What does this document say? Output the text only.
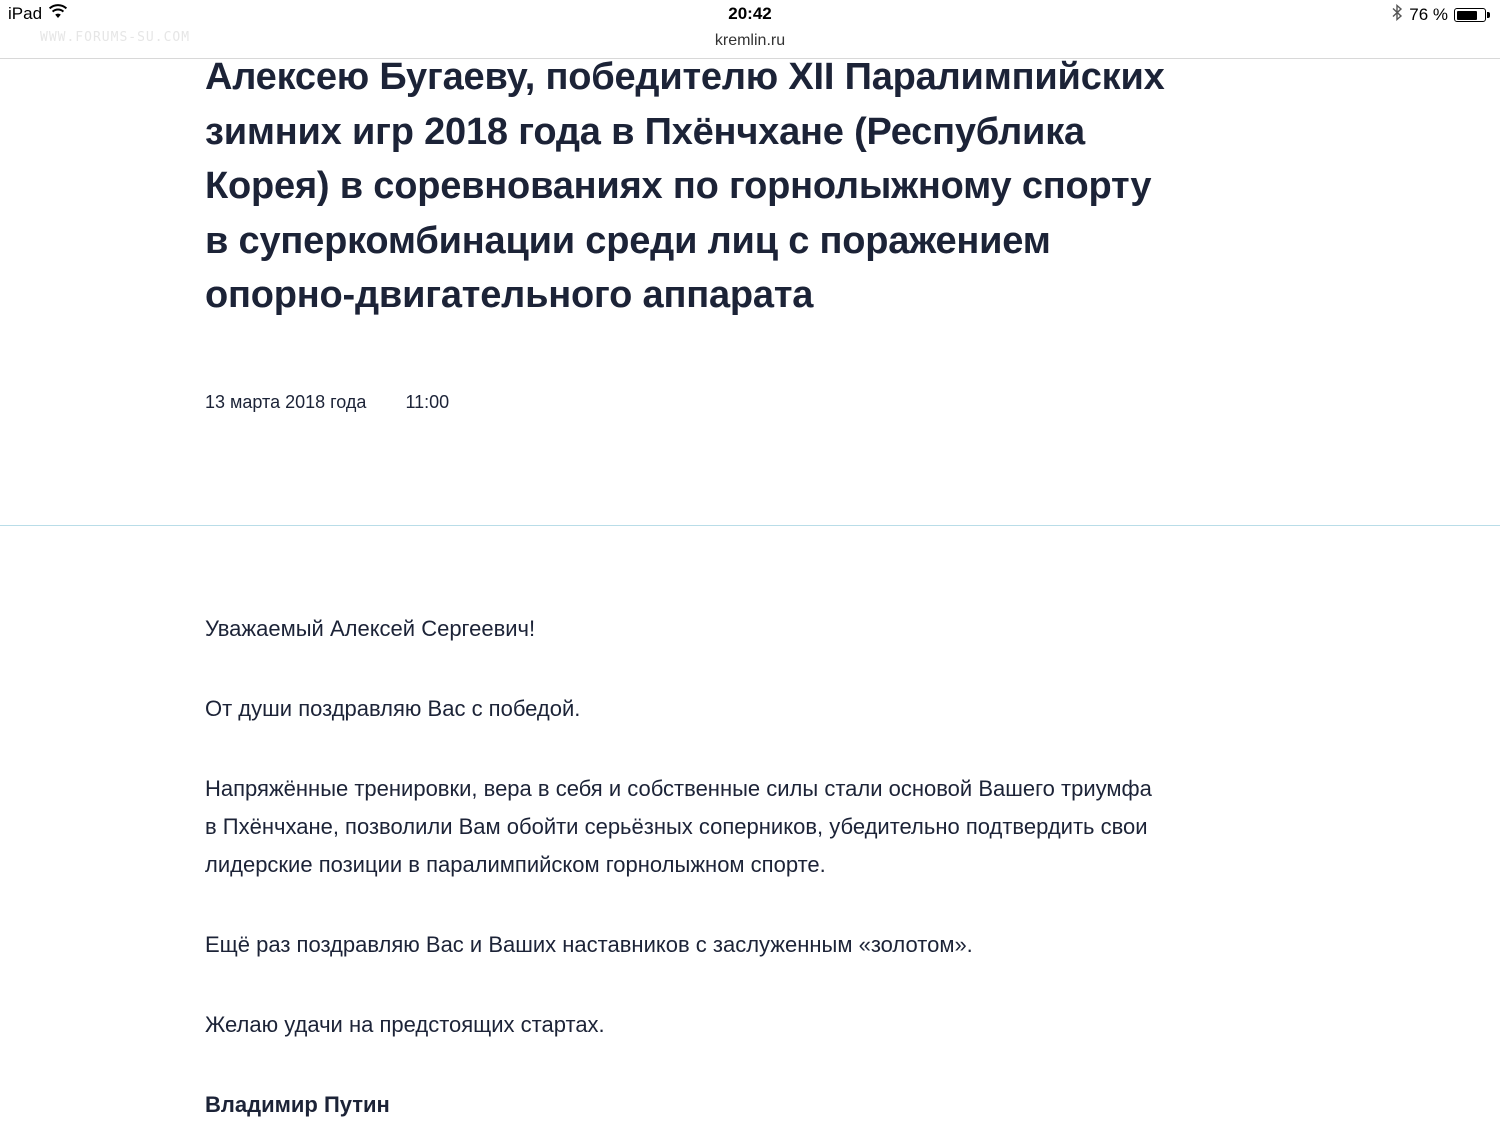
iPad	20:42	76 %
WWW.FORUMS-SU.COM	kremlin.ru
Алексею Бугаеву, победителю XII Паралимпийских зимних игр 2018 года в Пхёнчхане (Республика Корея) в соревнованиях по горнолыжному спорту в суперкомбинации среди лиц с поражением опорно-двигательного аппарата
13 марта 2018 года 11:00

Уважаемый Алексей Сергеевич!

От души поздравляю Вас с победой.

Напряжённые тренировки, вера в себя и собственные силы стали основой Вашего триумфа в Пхёнчхане, позволили Вам обойти серьёзных соперников, убедительно подтвердить свои лидерские позиции в паралимпийском горнолыжном спорте.

Ещё раз поздравляю Вас и Ваших наставников с заслуженным «золотом».

Желаю удачи на предстоящих стартах.

Владимир Путин
